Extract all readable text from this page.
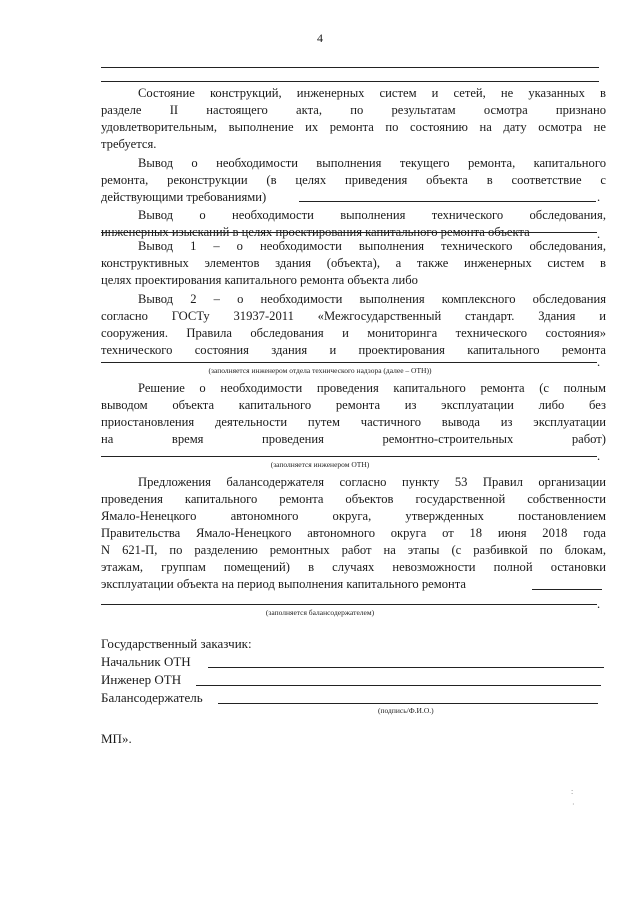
4
Состояние конструкций, инженерных систем и сетей, не указанных в
разделе II настоящего акта, по результатам осмотра признано
удовлетворительным, выполнение их ремонта по состоянию на дату осмотра не
требуется.
Вывод о необходимости выполнения текущего ремонта, капитального
ремонта, реконструкции (в целях приведения объекта в соответствие с
действующими требованиями)	.
Вывод о необходимости выполнения технического обследования,
инженерных изысканий в целях проектирования капитального ремонта объекта	.
Вывод 1 – о необходимости выполнения технического обследования,
конструктивных элементов здания (объекта), а также инженерных систем в
целях проектирования капитального ремонта объекта либо
Вывод 2 – о необходимости выполнения комплексного обследования
согласно ГОСТу 31937-2011 «Межгосударственный стандарт. Здания и
сооружения. Правила обследования и мониторинга технического состояния»
технического состояния здания и проектирования капитального ремонта
.
(заполняется инженером отдела технического надзора (далее – ОТН))
Решение о необходимости проведения капитального ремонта (с полным
выводом объекта капитального ремонта из эксплуатации либо без
приостановления деятельности путем частичного вывода из эксплуатации
на время проведения ремонтно-строительных работ)
.
(заполняется инженером ОТН)
Предложения балансодержателя согласно пункту 53 Правил организации
проведения капитального ремонта объектов государственной собственности
Ямало-Ненецкого автономного округа, утвержденных постановлением
Правительства Ямало-Ненецкого автономного округа от 18 июня 2018 года
N 621-П, по разделению ремонтных работ на этапы (с разбивкой по блокам,
этажам, группам помещений) в случаях невозможности полной остановки
эксплуатации объекта на период выполнения капитального ремонта
.
(заполняется балансодержателем)
Государственный заказчик:
Начальник ОТН
Инженер ОТН
Балансодержатель
(подпись/Ф.И.О.)
МП».
:
·
